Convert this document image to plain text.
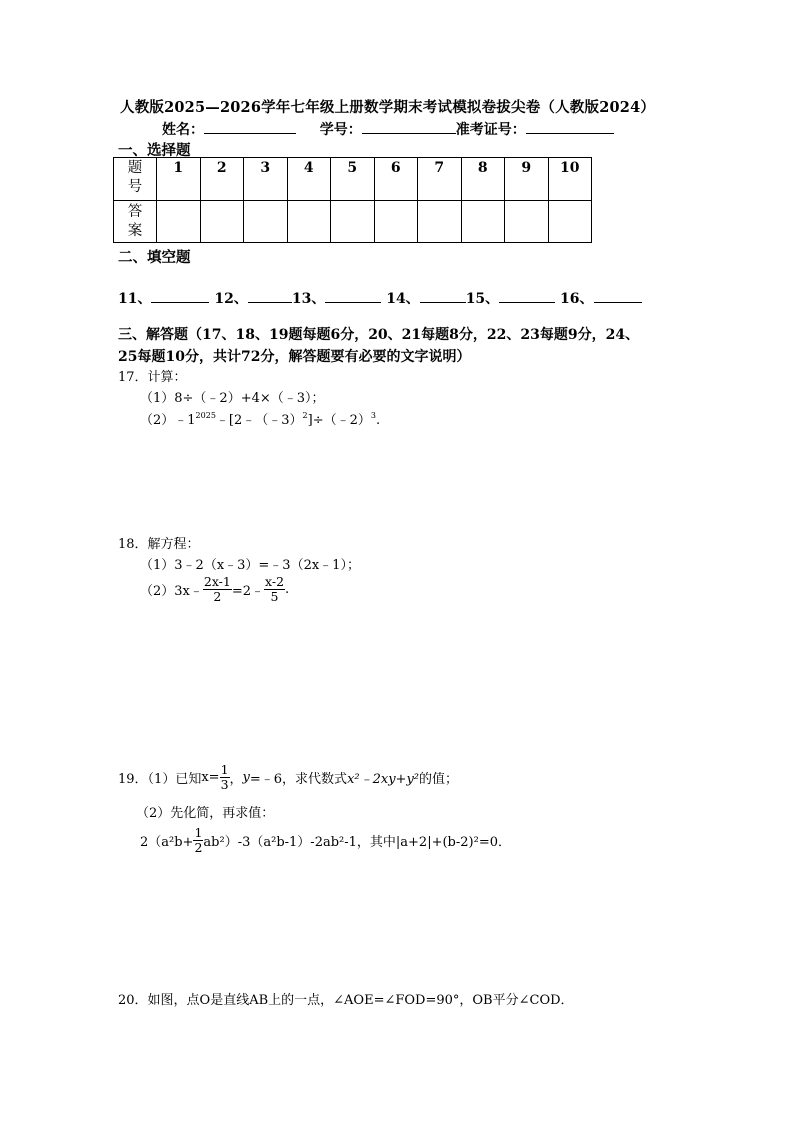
人教版2025—2026学年七年级上册数学期末考试模拟卷拔尖卷（人教版2024）
姓名：	学号：	准考证号：
一、选择题
题号	1	2	3	4	5	6	7	8	9	10
答案										
二、填空题
11、	12、	13、	14、	15、	16、
三、解答题（17、18、19题每题6分，20、21每题8分，22、23每题9分，24、
25每题10分，共计72分，解答题要有必要的文字说明）
17．计算：
（1）8÷（﹣2）+4×（﹣3）；
$(2)﹣1^{2025}﹣[2﹣(﹣3)^2]\div(﹣2)^3$.
18．解方程：
（1）3﹣2（x﹣3）=﹣3（2x﹣1）；
（2）3x﹣ $\frac{2x-1}{2}$ =2﹣ $\frac{x-2}{5}$ .
19．（1）已知$x= \frac{1}{3}$ ，y=﹣6，求代数式x²﹣2xy+y²的值；
（2）先化简，再求值：
$2(a^2b+ \frac{1}{2} ab^2)-3(a^2b-1)-2ab^2-1$，其中|a+2|+(b-2)²=0．
20．如图，点O是直线AB上的一点，∠AOE=∠FOD=90°，OB平分∠COD．
